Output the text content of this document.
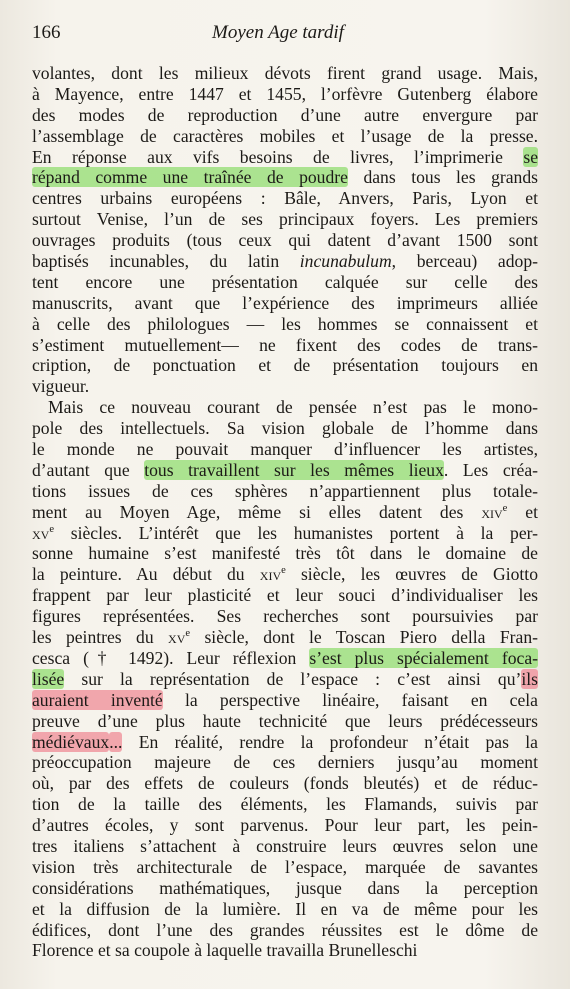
166	Moyen Age tardif
volantes, dont les milieux dévots firent grand usage. Mais,
à Mayence, entre 1447 et 1455, l’orfèvre Gutenberg élabore
des modes de reproduction d’une autre envergure par
l’assemblage de caractères mobiles et l’usage de la presse.
En réponse aux vifs besoins de livres, l’imprimerie se
répand comme une traînée de poudre dans tous les grands
centres urbains européens : Bâle, Anvers, Paris, Lyon et
surtout Venise, l’un de ses principaux foyers. Les premiers
ouvrages produits (tous ceux qui datent d’avant 1500 sont
baptisés incunables, du latin incunabulum, berceau) adop-
tent encore une présentation calquée sur celle des
manuscrits, avant que l’expérience des imprimeurs alliée
à celle des philologues — les hommes se connaissent et
s’estiment mutuellement— ne fixent des codes de trans-
cription, de ponctuation et de présentation toujours en
vigueur.
Mais ce nouveau courant de pensée n’est pas le mono-
pole des intellectuels. Sa vision globale de l’homme dans
le monde ne pouvait manquer d’influencer les artistes,
d’autant que tous travaillent sur les mêmes lieux. Les créa-
tions issues de ces sphères n’appartiennent plus totale-
ment au Moyen Age, même si elles datent des xiv$^e$ et
$xv^e$ siècles. L’intérêt que les humanistes portent à la per-
sonne humaine s’est manifesté très tôt dans le domaine de
la peinture. Au début du xiv$^e$ siècle, les œuvres de Giotto
frappent par leur plasticité et leur souci d’individualiser les
figures représentées. Ses recherches sont poursuivies par
les peintres du $xv^e$ siècle, dont le Toscan Piero della Fran-
cesca († 1492). Leur réflexion s’est plus spécialement foca-
lisée sur la représentation de l’espace : c’est ainsi qu’ils
auraient inventé la perspective linéaire, faisant en cela
preuve d’une plus haute technicité que leurs prédécesseurs
médiévaux... En réalité, rendre la profondeur n’était pas la
préoccupation majeure de ces derniers jusqu’au moment
où, par des effets de couleurs (fonds bleutés) et de réduc-
tion de la taille des éléments, les Flamands, suivis par
d’autres écoles, y sont parvenus. Pour leur part, les pein-
tres italiens s’attachent à construire leurs œuvres selon une
vision très architecturale de l’espace, marquée de savantes
considérations mathématiques, jusque dans la perception
et la diffusion de la lumière. Il en va de même pour les
édifices, dont l’une des grandes réussites est le dôme de
Florence et sa coupole à laquelle travailla Brunelleschi
